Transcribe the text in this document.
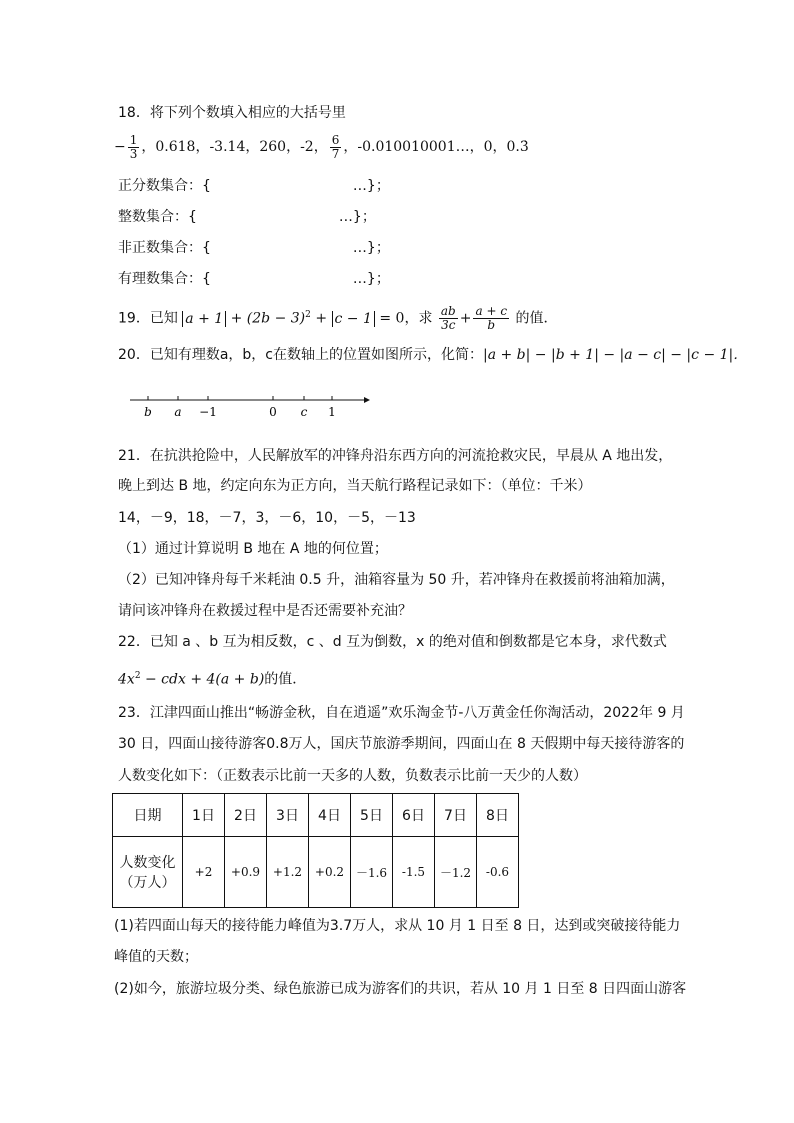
18．将下列个数填入相应的大括号里
− $\frac{1}{3}$ ，0.618，-3.14，260，-2， $\frac{6}{7}$ ，-0.010010001…，0，0.3̇
正分数集合：{	…}；
整数集合：{	…}；
非正数集合：{	…}；
有理数集合：{	…}；
19．已知 $a + 1 + (2b - 3)^2 + c - 1 = 0$，求 $\frac{ab}{3c} + \frac{a + c}{b}$ 的值．
20．已知有理数a，b，c在数轴上的位置如图所示，化简：|a + b| − |b + 1| − |a − c| − |c − 1|．
b a −1	0 c 1
21．在抗洪抢险中，人民解放军的冲锋舟沿东西方向的河流抢救灾民，早晨从 A 地出发，
晚上到达 B 地，约定向东为正方向，当天航行路程记录如下：（单位：千米）
14，－9，18，－7，3，－6，10，－5，－13
（1）通过计算说明 B 地在 A 地的何位置；
（2）已知冲锋舟每千米耗油 0.5 升，油箱容量为 50 升，若冲锋舟在救援前将油箱加满，
请问该冲锋舟在救援过程中是否还需要补充油？
22．已知 a 、b 互为相反数，c 、d 互为倒数，x 的绝对值和倒数都是它本身，求代数式
$4x^2$ − cdx + 4(a + b)的值．
23．江津四面山推出“畅游金秋，自在逍遥”欢乐淘金节-八万黄金任你淘活动，2022年 9 月
30 日，四面山接待游客0.8万人，国庆节旅游季期间，四面山在 8 天假期中每天接待游客的
人数变化如下：（正数表示比前一天多的人数，负数表示比前一天少的人数）
日期	1日	2日	3日	4日	5日	6日	7日	8日

人数变化
（万人）	+2	+0.9	+1.2	+0.2	－1.6	-1.5	－1.2	-0.6
(1)若四面山每天的接待能力峰值为3.7万人，求从 10 月 1 日至 8 日，达到或突破接待能力
峰值的天数；
(2)如今，旅游垃圾分类、绿色旅游已成为游客们的共识，若从 10 月 1 日至 8 日四面山游客
